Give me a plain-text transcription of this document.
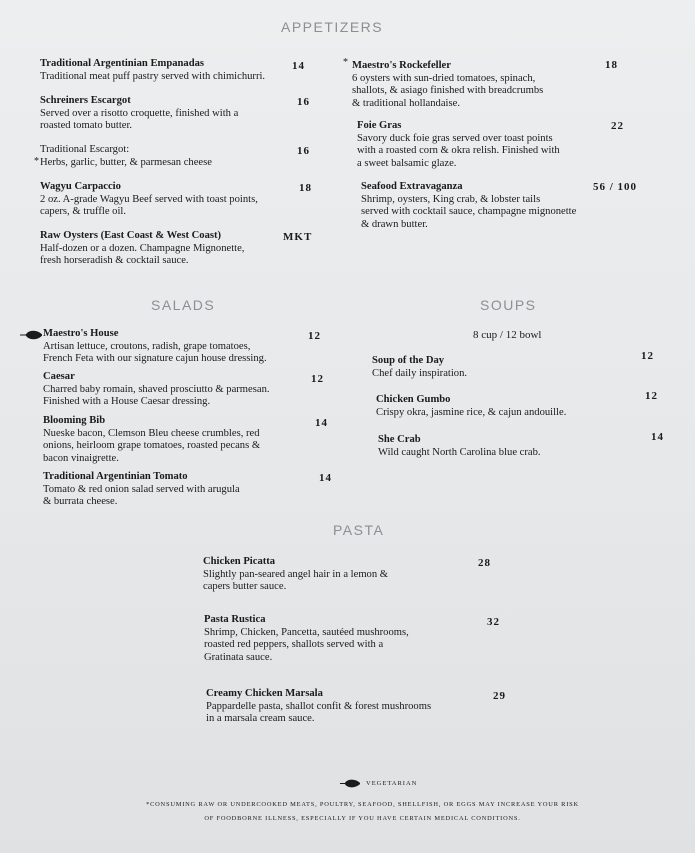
APPETIZERS
SALADS	SOUPS
PASTA
Traditional Argentinian Empanadas
Traditional meat puff pastry served with chimichurri.
14
Schreiners Escargot
Served over a risotto croquette, finished with a
roasted tomato butter.
16
*
Traditional Escargot:
Herbs, garlic, butter, & parmesan cheese
16
Wagyu Carpaccio
2 oz. A-grade Wagyu Beef served with toast points,
capers, & truffle oil.
18
Raw Oysters (East Coast & West Coast)
Half-dozen or a dozen. Champagne Mignonette,
fresh horseradish & cocktail sauce.
MKT
* Maestro's Rockefeller
6 oysters with sun-dried tomatoes, spinach,
shallots, & asiago finished with breadcrumbs
& traditional hollandaise.
18
Foie Gras
Savory duck foie gras served over toast points
with a roasted corn & okra relish. Finished with
a sweet balsamic glaze.
22
Seafood Extravaganza
Shrimp, oysters, King crab, & lobster tails
served with cocktail sauce, champagne mignonette
& drawn butter.
56 / 100
Maestro's House
Artisan lettuce, croutons, radish, grape tomatoes,
French Feta with our signature cajun house dressing.
12
Caesar
Charred baby romain, shaved prosciutto & parmesan.
Finished with a House Caesar dressing.
12
Blooming Bib
Nueske bacon, Clemson Bleu cheese crumbles, red
onions, heirloom grape tomatoes, roasted pecans &
bacon vinaigrette.
14
Traditional Argentinian Tomato
Tomato & red onion salad served with arugula
& burrata cheese.
14
8 cup / 12 bowl
Soup of the Day
Chef daily inspiration.
12
Chicken Gumbo
Crispy okra, jasmine rice, & cajun andouille.
12
She Crab
Wild caught North Carolina blue crab.
14
Chicken Picatta
Slightly pan-seared angel hair in a lemon &
capers butter sauce.
28
Pasta Rustica
Shrimp, Chicken, Pancetta, sautéed mushrooms,
roasted red peppers, shallots served with a
Gratinata sauce.
32
Creamy Chicken Marsala
Pappardelle pasta, shallot confit & forest mushrooms
in a marsala cream sauce.
29
VEGETARIAN
*CONSUMING RAW OR UNDERCOOKED MEATS, POULTRY, SEAFOOD, SHELLFISH, OR EGGS MAY INCREASE YOUR RISK
OF FOODBORNE ILLNESS, ESPECIALLY IF YOU HAVE CERTAIN MEDICAL CONDITIONS.
